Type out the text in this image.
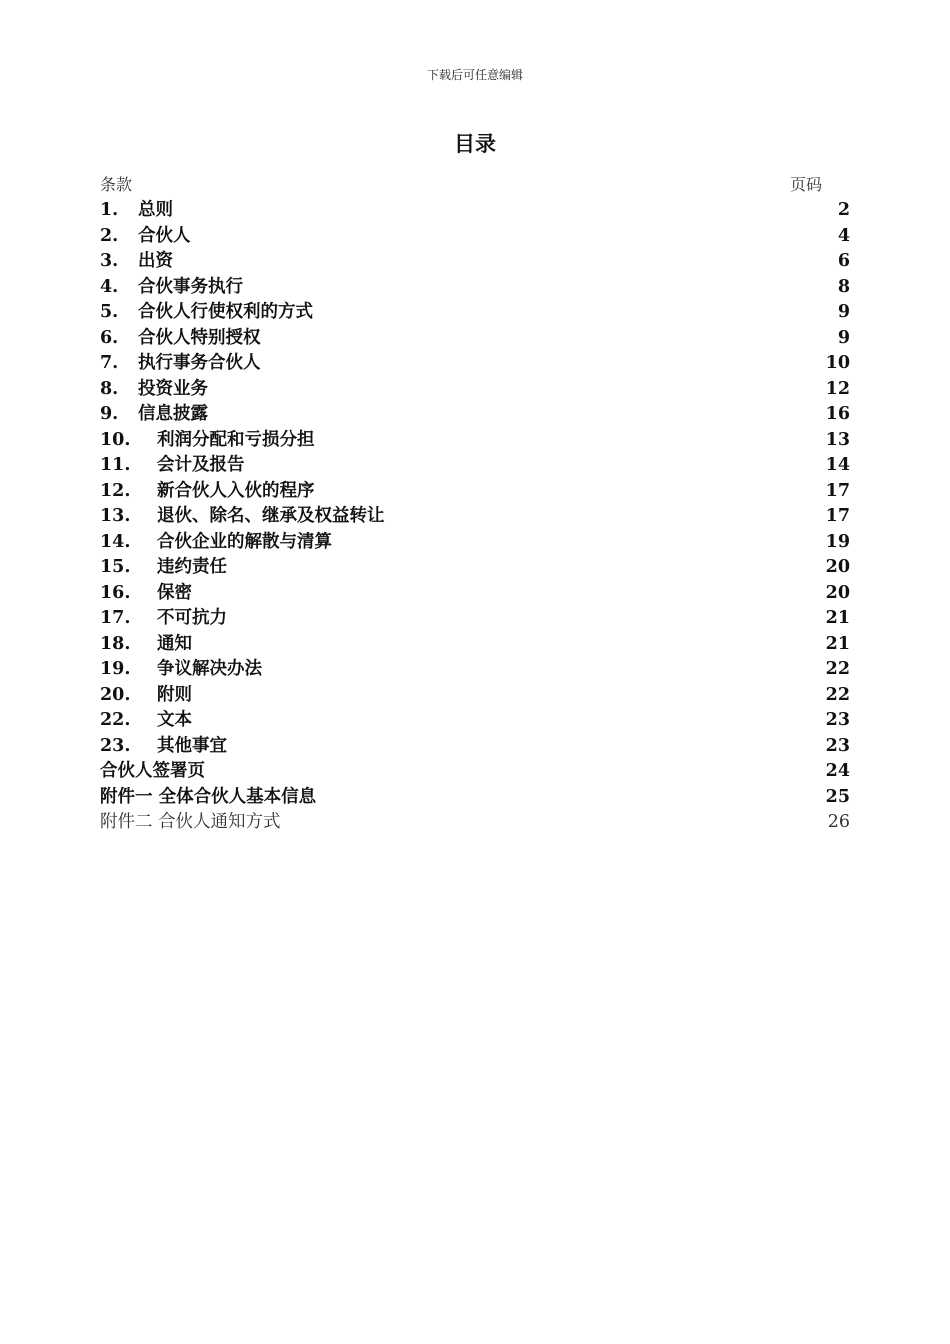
下载后可任意编辑
目录
条款	页码
1.	总则	2
2.	合伙人	4
3.	出资	6
4.	合伙事务执行	8
5.	合伙人行使权利的方式	9
6.	合伙人特别授权	9
7.	执行事务合伙人	10
8.	投资业务	12
9.	信息披露	16
10.	利润分配和亏损分担	13
11.	会计及报告	14
12.	新合伙人入伙的程序	17
13.	退伙、除名、继承及权益转让	17
14.	合伙企业的解散与清算	19
15.	违约责任	20
16.	保密	20
17.	不可抗力	21
18.	通知	21
19.	争议解决办法	22
20.	附则	22
22.	文本	23
23.	其他事宜	23
合伙人签署页	24
附件一 全体合伙人基本信息	25
附件二 合伙人通知方式	26
